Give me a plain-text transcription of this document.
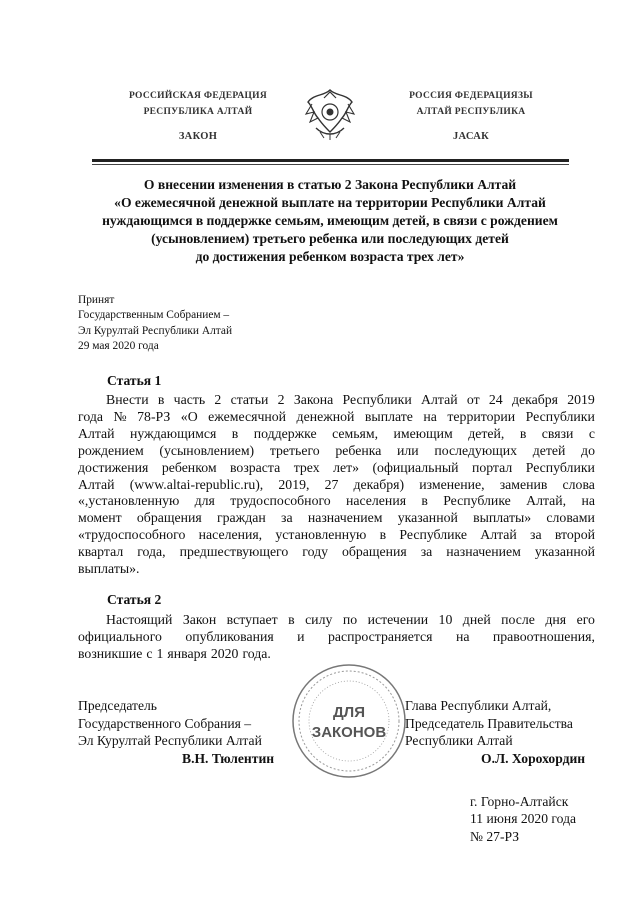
РОССИЙСКАЯ ФЕДЕРАЦИЯ
РЕСПУБЛИКА АЛТАЙ
ЗАКОН
РОССИЯ ФЕДЕРАЦИЯЗЫ
АЛТАЙ РЕСПУБЛИКА
ЈАСАК
О внесении изменения в статью 2 Закона Республики Алтай
«О ежемесячной денежной выплате на территории Республики Алтай
нуждающимся в поддержке семьям, имеющим детей, в связи с рождением
(усыновлением) третьего ребенка или последующих детей
до достижения ребенком возраста трех лет»
Принят
Государственным Собранием –
Эл Курултай Республики Алтай
29 мая 2020 года
Статья 1
Внести в часть 2 статьи 2 Закона Республики Алтай от 24 декабря 2019
года № 78-РЗ «О ежемесячной денежной выплате на территории Республики
Алтай нуждающимся в поддержке семьям, имеющим детей, в связи с
рождением (усыновлением) третьего ребенка или последующих детей до
достижения ребенком возраста трех лет» (официальный портал Республики
Алтай (www.altai-republic.ru), 2019, 27 декабря) изменение, заменив слова
«,установленную для трудоспособного населения в Республике Алтай, на
момент обращения граждан за назначением указанной выплаты» словами
«трудоспособного населения, установленную в Республике Алтай за второй
квартал года, предшествующего году обращения за назначением указанной
выплаты».
Статья 2
Настоящий Закон вступает в силу по истечении 10 дней после дня его
официального опубликования и распространяется на правоотношения,
возникшие с 1 января 2020 года.
Председатель
Государственного Собрания –
Эл Курултай Республики Алтай
В.Н. Тюлентин
ДЛЯ
ЗАКОНОВ
Глава Республики Алтай,
Председатель Правительства
Республики Алтай
О.Л. Хорохордин
г. Горно-Алтайск
11 июня 2020 года
№ 27-РЗ
